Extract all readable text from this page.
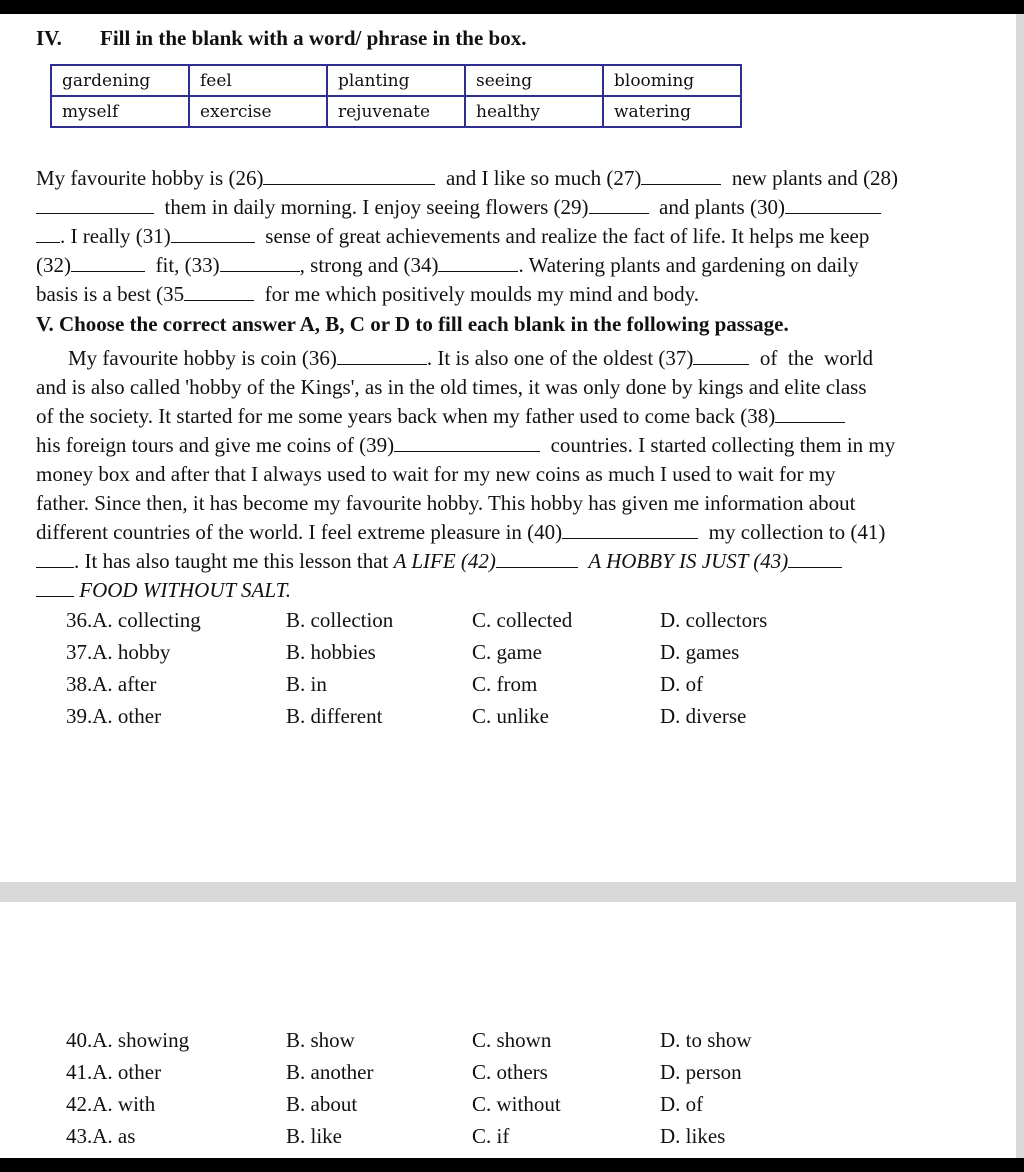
IV. Fill in the blank with a word/ phrase in the box.
gardening	feel	planting	seeing	blooming
myself	exercise	rejuvenate	healthy	watering
My favourite hobby is (26)	and I like so much (27)	new plants and (28)
them in daily morning. I enjoy seeing flowers (29)	and plants (30)
. I really (31)	sense of great achievements and realize the fact of life. It helps me keep
(32)	fit, (33)	, strong and (34)	. Watering plants and gardening on daily
basis is a best (35	for me which positively moulds my mind and body.
V. Choose the correct answer A, B, C or D to fill each blank in the following passage.
My favourite hobby is coin (36)	. It is also one of the oldest (37)	of  the  world
and is also called 'hobby of the Kings', as in the old times, it was only done by kings and elite class
of the society. It started for me some years back when my father used to come back (38)
his foreign tours and give me coins of (39)	countries. I started collecting them in my
money box and after that I always used to wait for my new coins as much I used to wait for my
father. Since then, it has become my favourite hobby. This hobby has given me information about
different countries of the world. I feel extreme pleasure in (40)	my collection to (41)
. It has also taught me this lesson that A LIFE (42)	A HOBBY IS JUST (43)
FOOD WITHOUT SALT.
36.A. collecting	B. collection	C. collected	D. collectors
37.A. hobby	B. hobbies	C. game	D. games
38.A. after	B. in	C. from	D. of
39.A. other	B. different	C. unlike	D. diverse
40.A. showing	B. show	C. shown	D. to show
41.A. other	B. another	C. others	D. person
42.A. with	B. about	C. without	D. of
43.A. as	B. like	C. if	D. likes
